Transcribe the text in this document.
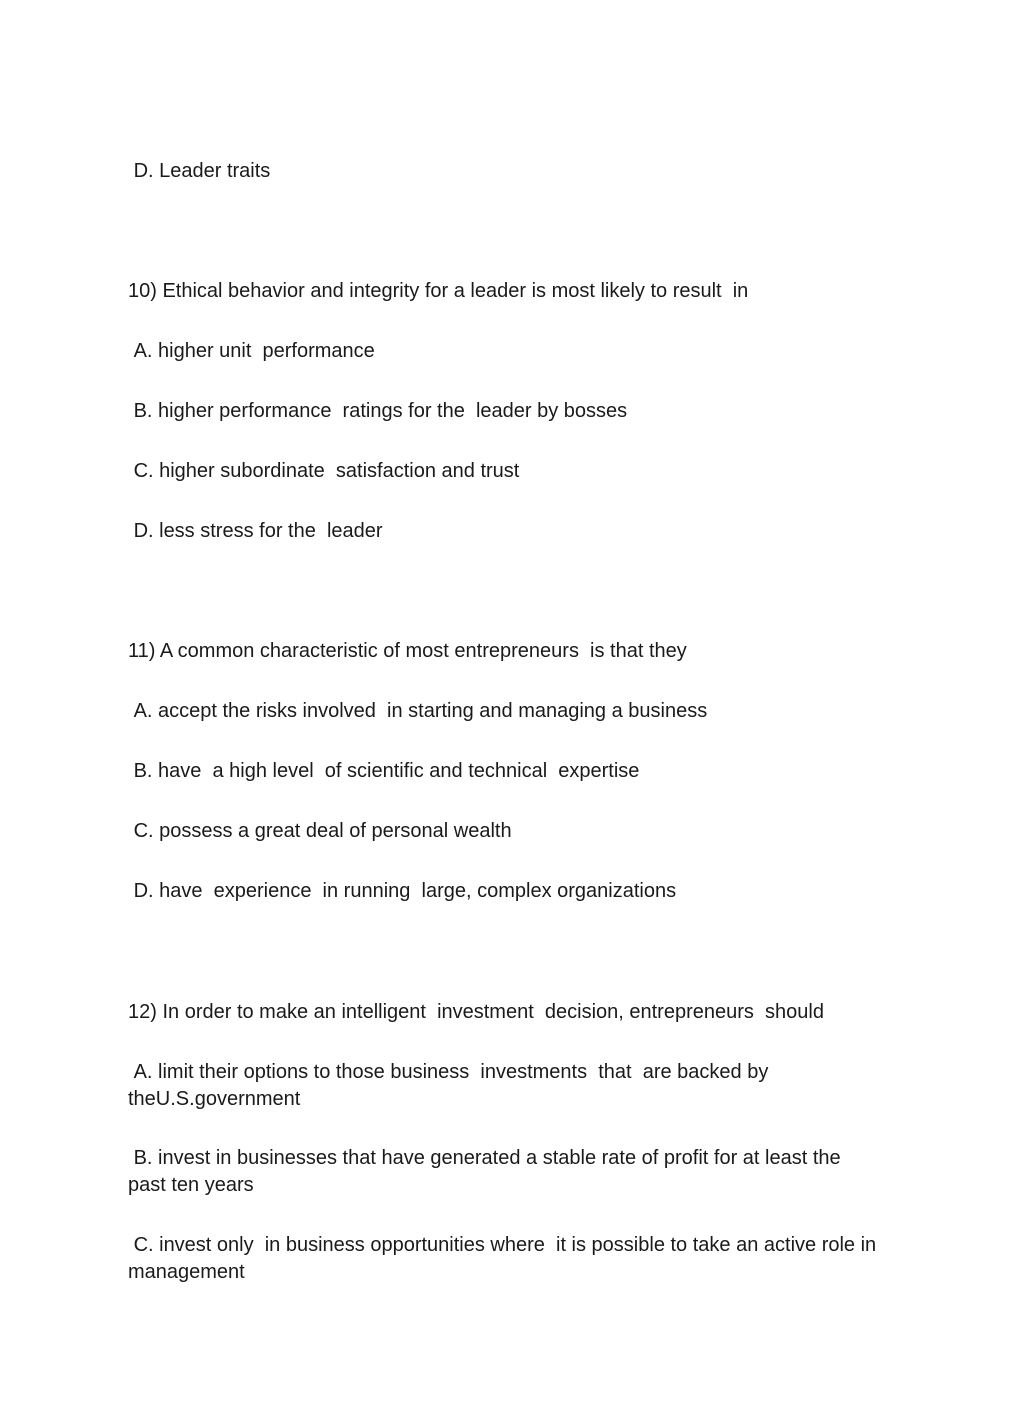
D. Leader traits
10) Ethical behavior and integrity for a leader is most likely to result  in
A. higher unit  performance
B. higher performance  ratings for the  leader by bosses
C. higher subordinate  satisfaction and trust
D. less stress for the  leader
11) A common characteristic of most entrepreneurs  is that they
A. accept the risks involved  in starting and managing a business
B. have  a high level  of scientific and technical  expertise
C. possess a great deal of personal wealth
D. have  experience  in running  large, complex organizations
12) In order to make an intelligent  investment  decision, entrepreneurs  should
A. limit their options to those business  investments  that  are backed by
theU.S.government
B. invest in businesses that have generated a stable rate of profit for at least the
past ten years
C. invest only  in business opportunities where  it is possible to take an active role in
management
